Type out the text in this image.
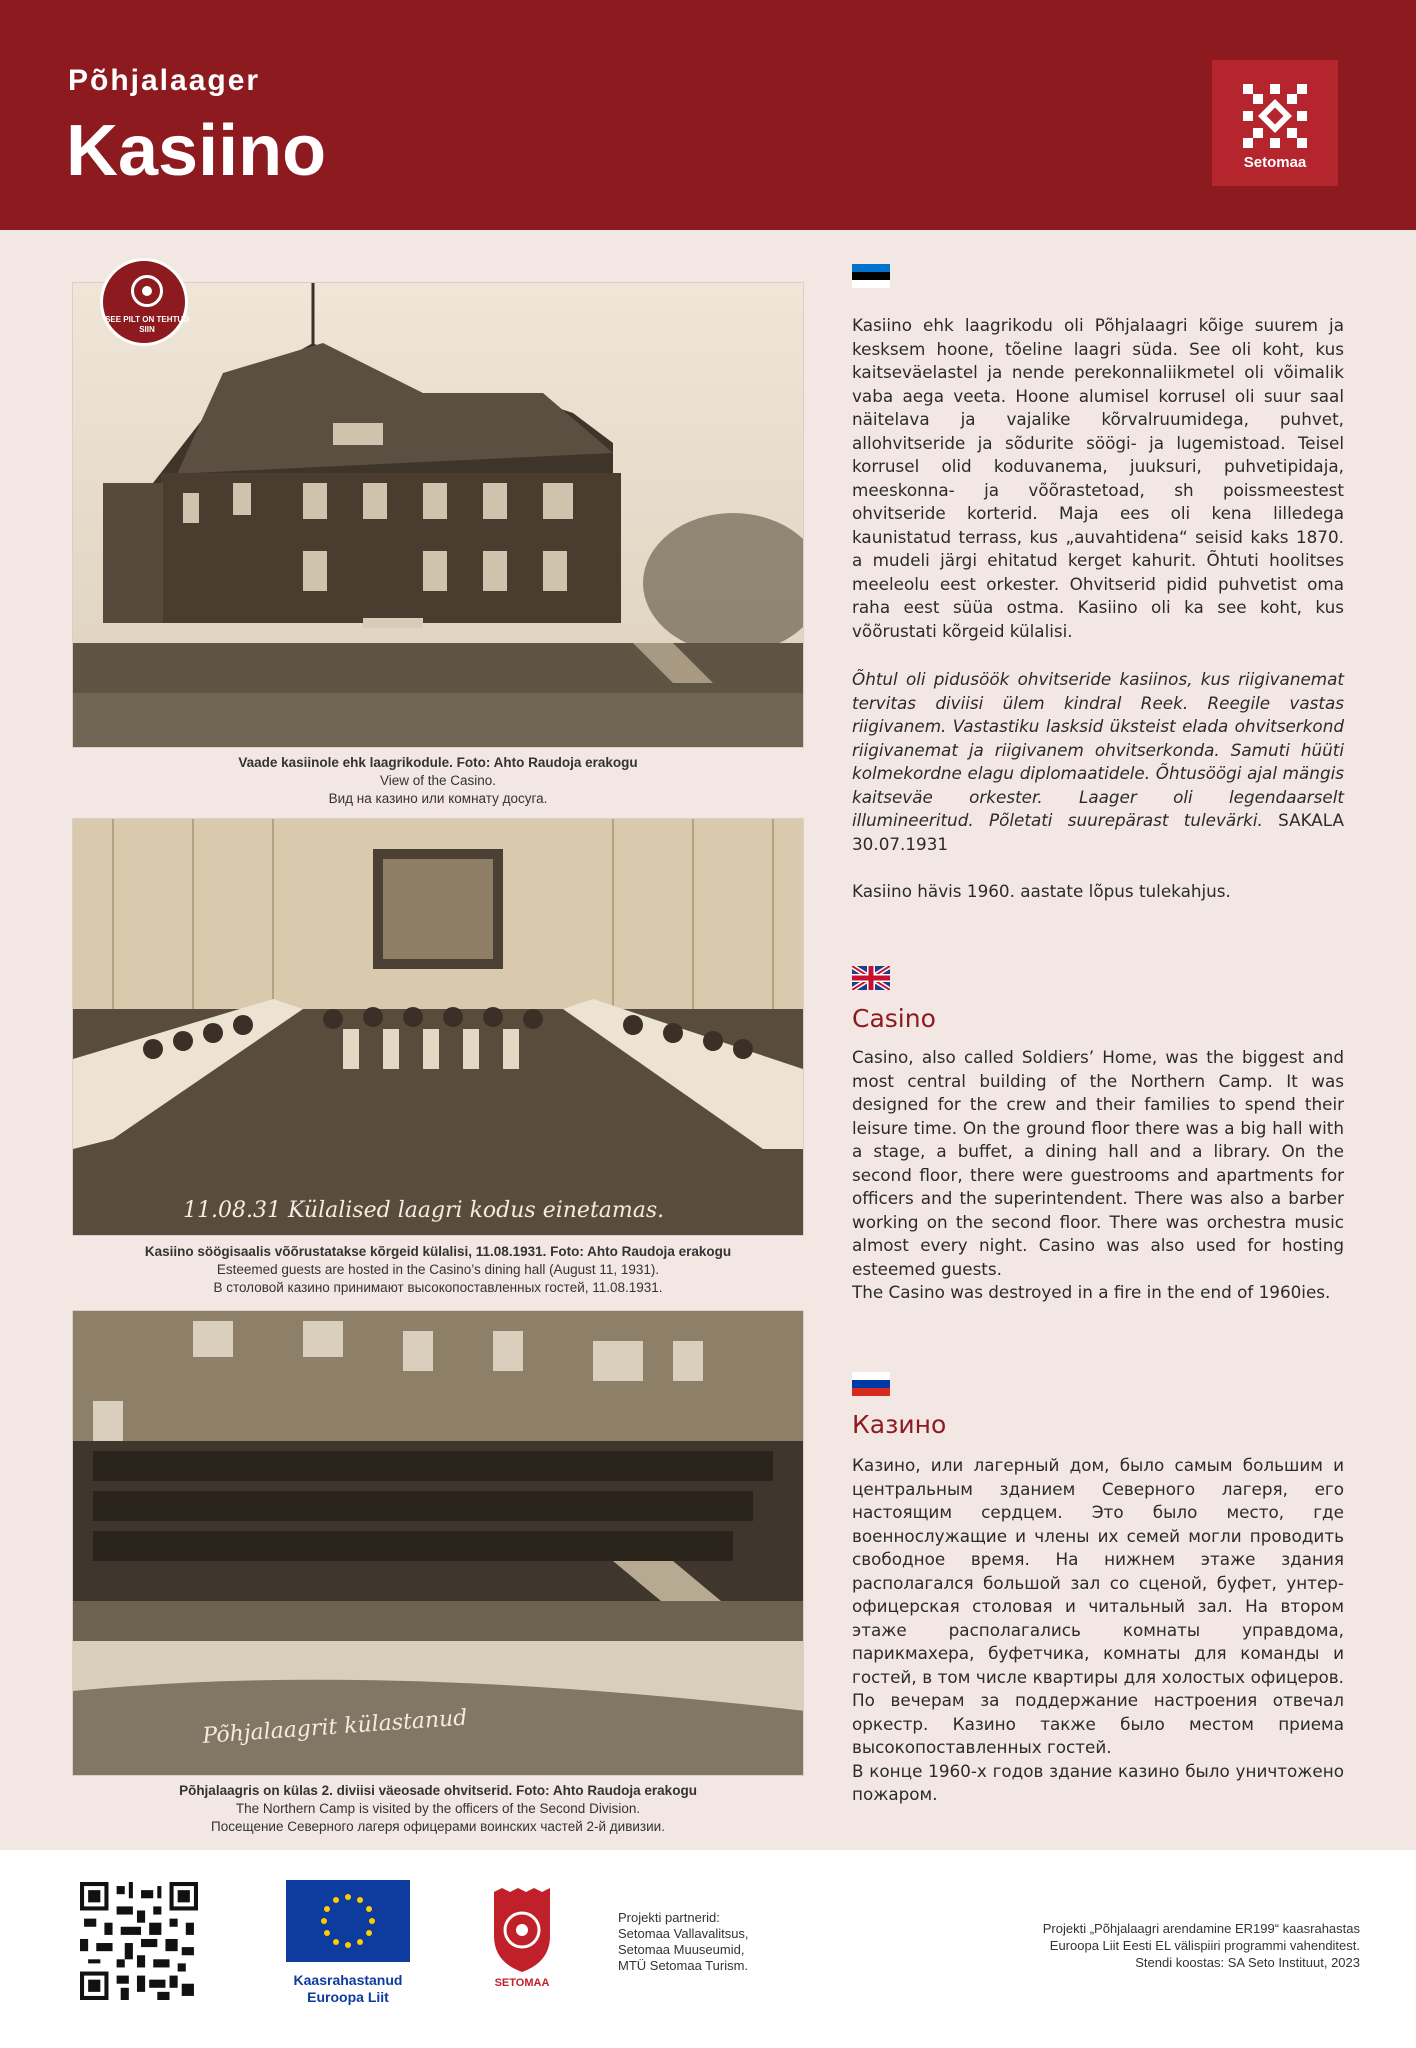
Põhjalaager
Kasiino	Setomaa
SEE PILT ON TEHTUD SIIN
Vaade kasiinole ehk laagrikodule. Foto: Ahto Raudoja erakogu
View of the Casino.
Вид на казино или комнату досуга.
11.08.31 Külalised laagri kodus einetamas.
Kasiino söögisaalis võõrustatakse kõrgeid külalisi, 11.08.1931. Foto: Ahto Raudoja erakogu
Esteemed guests are hosted in the Casino’s dining hall (August 11, 1931).
В столовой казино принимают высокопоставленных гостей, 11.08.1931.
Põhjalaagrit külastanud
Põhjalaagris on külas 2. diviisi väeosade ohvitserid. Foto: Ahto Raudoja erakogu
The Northern Camp is visited by the officers of the Second Division.
Посещение Северного лагеря офицерами воинских частей 2-й дивизии.

Kasiino ehk laagrikodu oli Põhjalaagri kõige suurem ja kesksem hoone, tõeline laagri süda. See oli koht, kus kaitseväelastel ja nende perekonnaliikmetel oli võimalik vaba aega veeta. Hoone alumisel korrusel oli suur saal näitelava ja vajalike kõrvalruumidega, puhvet, allohvitseride ja sõdurite söögi- ja lugemistoad. Teisel korrusel olid koduvanema, juuksuri, puhvetipidaja, meeskonna- ja võõrastetoad, sh poissmeestest ohvitseride korterid. Maja ees oli kena lilledega kaunistatud terrass, kus „auvahtidena“ seisid kaks 1870. a mudeli järgi ehitatud kerget kahurit. Õhtuti hoolitses meeleolu eest orkester. Ohvitserid pidid puhvetist oma raha eest süüa ostma. Kasiino oli ka see koht, kus võõrustati kõrgeid külalisi.

Õhtul oli pidusöök ohvitseride kasiinos, kus riigivanemat tervitas diviisi ülem kindral Reek. Reegile vastas riigivanem. Vastastiku lasksid üksteist elada ohvitserkond riigivanemat ja riigivanem ohvitserkonda. Samuti hüüti kolmekordne elagu diplomaatidele. Õhtusöögi ajal mängis kaitseväe orkester. Laager oli legendaarselt illumineeritud. Põletati suurepärast tulevärki. SAKALA 30.07.1931

Kasiino hävis 1960. aastate lõpus tulekahjus.

Casino

Casino, also called Soldiers’ Home, was the biggest and most central building of the Northern Camp. It was designed for the crew and their families to spend their leisure time. On the ground floor there was a big hall with a stage, a buffet, a dining hall and a library. On the second floor, there were guestrooms and apartments for officers and the superintendent. There was also a barber working on the second floor. There was orchestra music almost every night. Casino was also used for hosting esteemed guests.

The Casino was destroyed in a fire in the end of 1960ies.

Казино

Казино, или лагерный дом, было самым большим и центральным зданием Северного лагеря, его настоящим сердцем. Это было место, где военнослужащие и члены их семей могли проводить свободное время. На нижнем этаже здания располагался большой зал со сценой, буфет, унтер-офицерская столовая и читальный зал. На втором этаже располагались комнаты управдома, парикмахера, буфетчика, комнаты для команды и гостей, в том числе квартиры для холостых офицеров. По вечерам за поддержание настроения отвечал оркестр. Казино также было местом приема высокопоставленных гостей.

В конце 1960-х годов здание казино было уничтожено пожаром.

Kaasrahastanud
Euroopa Liit
SETOMAA
Projekti partnerid:
Setomaa Vallavalitsus,
Setomaa Muuseumid,
MTÜ Setomaa Turism.
Projekti „Põhjalaagri arendamine ER199“ kaasrahastas
Euroopa Liit Eesti EL välispiiri programmi vahenditest.
Stendi koostas: SA Seto Instituut, 2023
